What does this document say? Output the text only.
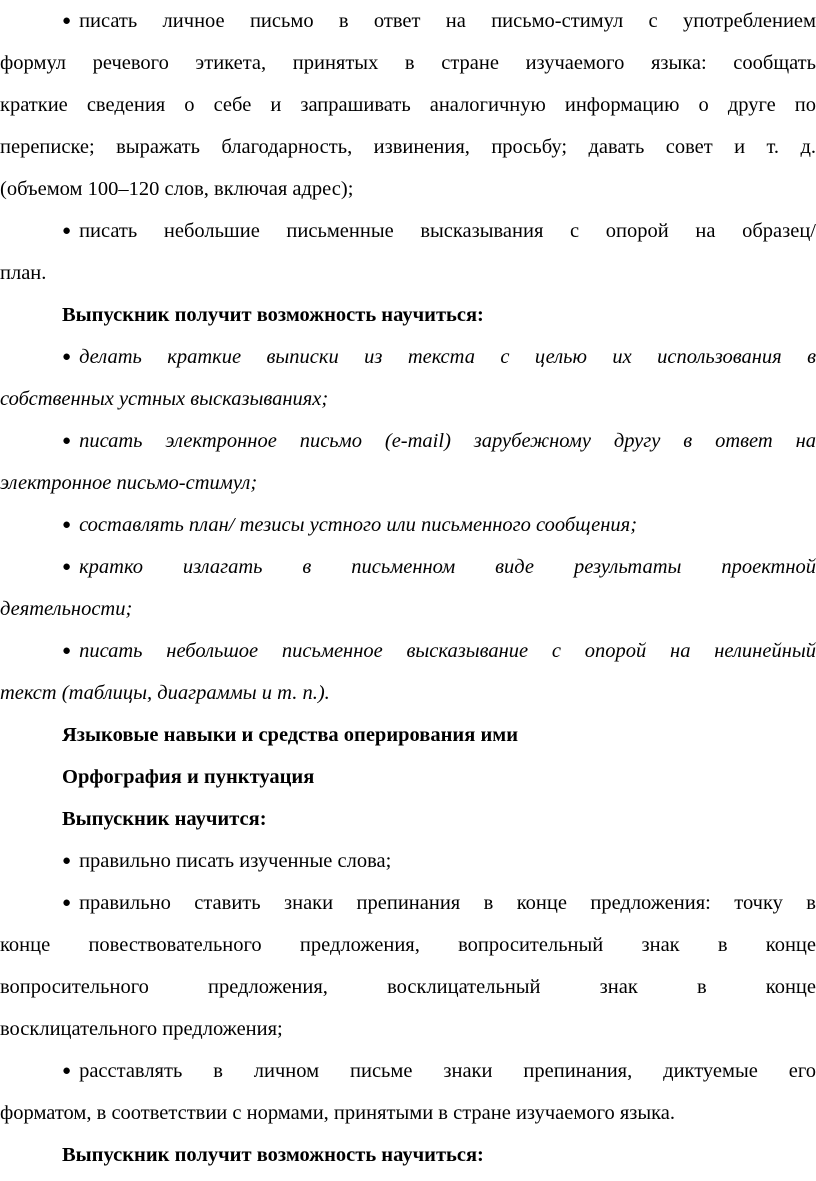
● писать личное письмо в ответ на письмо-стимул с употреблением
формул речевого этикета, принятых в стране изучаемого языка: сообщать
краткие сведения о себе и запрашивать аналогичную информацию о друге по
переписке; выражать благодарность, извинения, просьбу; давать совет и т. д.
(объемом 100–120 слов, включая адрес);
● писать небольшие письменные высказывания с опорой на образец/
план.
Выпускник получит возможность научиться:
● делать краткие выписки из текста с целью их использования в
собственных устных высказываниях;
● писать электронное письмо (e-mail) зарубежному другу в ответ на
электронное письмо-стимул;
● составлять план/ тезисы устного или письменного сообщения;
● кратко излагать в письменном виде результаты проектной
деятельности;
● писать небольшое письменное высказывание с опорой на нелинейный
текст (таблицы, диаграммы и т. п.).
Языковые навыки и средства оперирования ими
Орфография и пунктуация
Выпускник научится:
● правильно писать изученные слова;
● правильно ставить знаки препинания в конце предложения: точку в
конце повествовательного предложения, вопросительный знак в конце
вопросительного предложения, восклицательный знак в конце
восклицательного предложения;
● расставлять в личном письме знаки препинания, диктуемые его
форматом, в соответствии с нормами, принятыми в стране изучаемого языка.
Выпускник получит возможность научиться:
